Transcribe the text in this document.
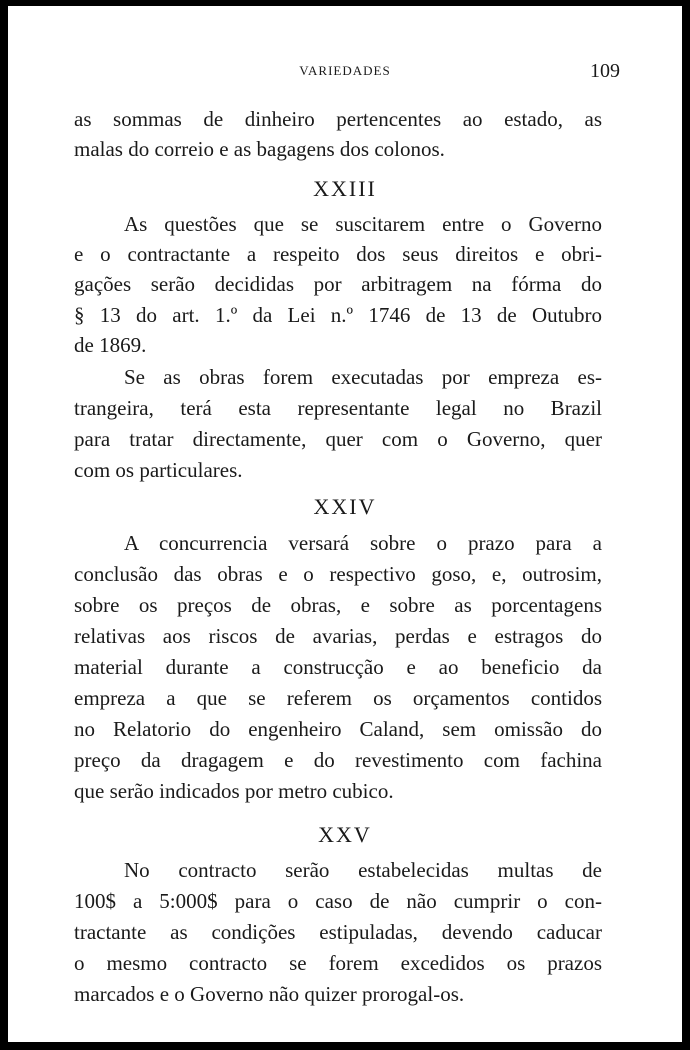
VARIEDADES	109
as sommas de dinheiro pertencentes ao estado, as
malas do correio e as bagagens dos colonos.
XXIII
As questões que se suscitarem entre o Governo
e o contractante a respeito dos seus direitos e obri-
gações serão decididas por arbitragem na fórma do
§ 13 do art. 1.º da Lei n.º 1746 de 13 de Outubro
de 1869.
Se as obras forem executadas por empreza es-
trangeira, terá esta representante legal no Brazil
para tratar directamente, quer com o Governo, quer
com os particulares.
XXIV
A concurrencia versará sobre o prazo para a
conclusão das obras e o respectivo goso, e, outrosim,
sobre os preços de obras, e sobre as porcentagens
relativas aos riscos de avarias, perdas e estragos do
material durante a construcção e ao beneficio da
empreza a que se referem os orçamentos contidos
no Relatorio do engenheiro Caland, sem omissão do
preço da dragagem e do revestimento com fachina
que serão indicados por metro cubico.
XXV
No contracto serão estabelecidas multas de
100$ a 5:000$ para o caso de não cumprir o con-
tractante as condições estipuladas, devendo caducar
o mesmo contracto se forem excedidos os prazos
marcados e o Governo não quizer prorogal-os.
